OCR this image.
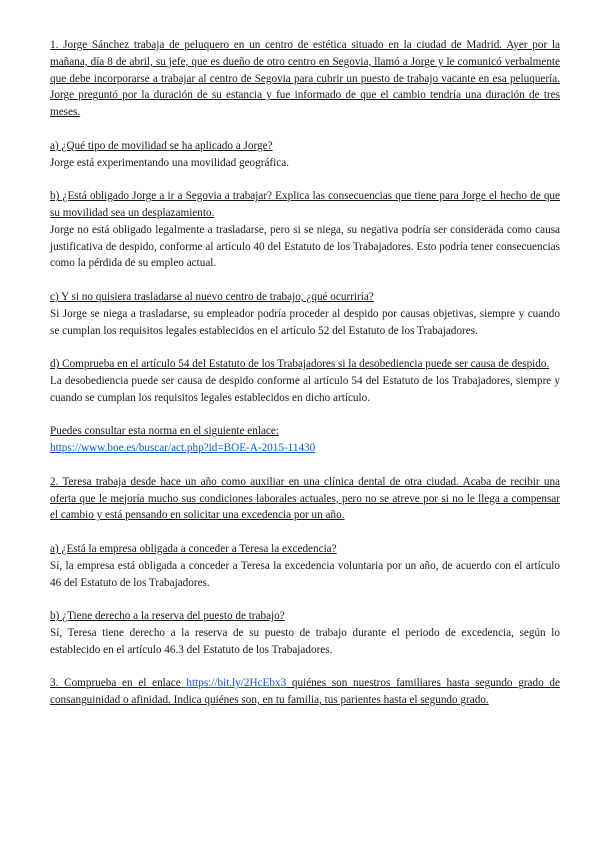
1. Jorge Sánchez trabaja de peluquero en un centro de estética situado en la ciudad de Madrid. Ayer por la mañana, día 8 de abril, su jefe, que es dueño de otro centro en Segovia, llamó a Jorge y le comunicó verbalmente que debe incorporarse a trabajar al centro de Segovia para cubrir un puesto de trabajo vacante en esa peluquería. Jorge preguntó por la duración de su estancia y fue informado de que el cambio tendría una duración de tres meses.

a) ¿Qué tipo de movilidad se ha aplicado a Jorge?

Jorge está experimentando una movilidad geográfica.

b) ¿Está obligado Jorge a ir a Segovia a trabajar? Explica las consecuencias que tiene para Jorge el hecho de que su movilidad sea un desplazamiento.

Jorge no está obligado legalmente a trasladarse, pero si se niega, su negativa podría ser considerada como causa justificativa de despido, conforme al artículo 40 del Estatuto de los Trabajadores. Esto podría tener consecuencias como la pérdida de su empleo actual.

c) Y si no quisiera trasladarse al nuevo centro de trabajo, ¿qué ocurriría?

Si Jorge se niega a trasladarse, su empleador podría proceder al despido por causas objetivas, siempre y cuando se cumplan los requisitos legales establecidos en el artículo 52 del Estatuto de los Trabajadores.

d) Comprueba en el artículo 54 del Estatuto de los Trabajadores si la desobediencia puede ser causa de despido.

La desobediencia puede ser causa de despido conforme al artículo 54 del Estatuto de los Trabajadores, siempre y cuando se cumplan los requisitos legales establecidos en dicho artículo.

Puedes consultar esta norma en el siguiente enlace:

https://www.boe.es/buscar/act.php?id=BOE-A-2015-11430

2. Teresa trabaja desde hace un año como auxiliar en una clínica dental de otra ciudad. Acaba de recibir una oferta que le mejoría mucho sus condiciones laborales actuales, pero no se atreve por si no le llega a compensar el cambio y está pensando en solicitar una excedencia por un año.

a) ¿Está la empresa obligada a conceder a Teresa la excedencia?

Sí, la empresa está obligada a conceder a Teresa la excedencia voluntaria por un año, de acuerdo con el artículo 46 del Estatuto de los Trabajadores.

b) ¿Tiene derecho a la reserva del puesto de trabajo?

Sí, Teresa tiene derecho a la reserva de su puesto de trabajo durante el periodo de excedencia, según lo establecido en el artículo 46.3 del Estatuto de los Trabajadores.

3. Comprueba en el enlace https://bit.ly/2HcEbx3 quiénes son nuestros familiares hasta segundo grado de consanguinidad o afinidad. Indica quiénes son, en tu familia, tus parientes hasta el segundo grado.
